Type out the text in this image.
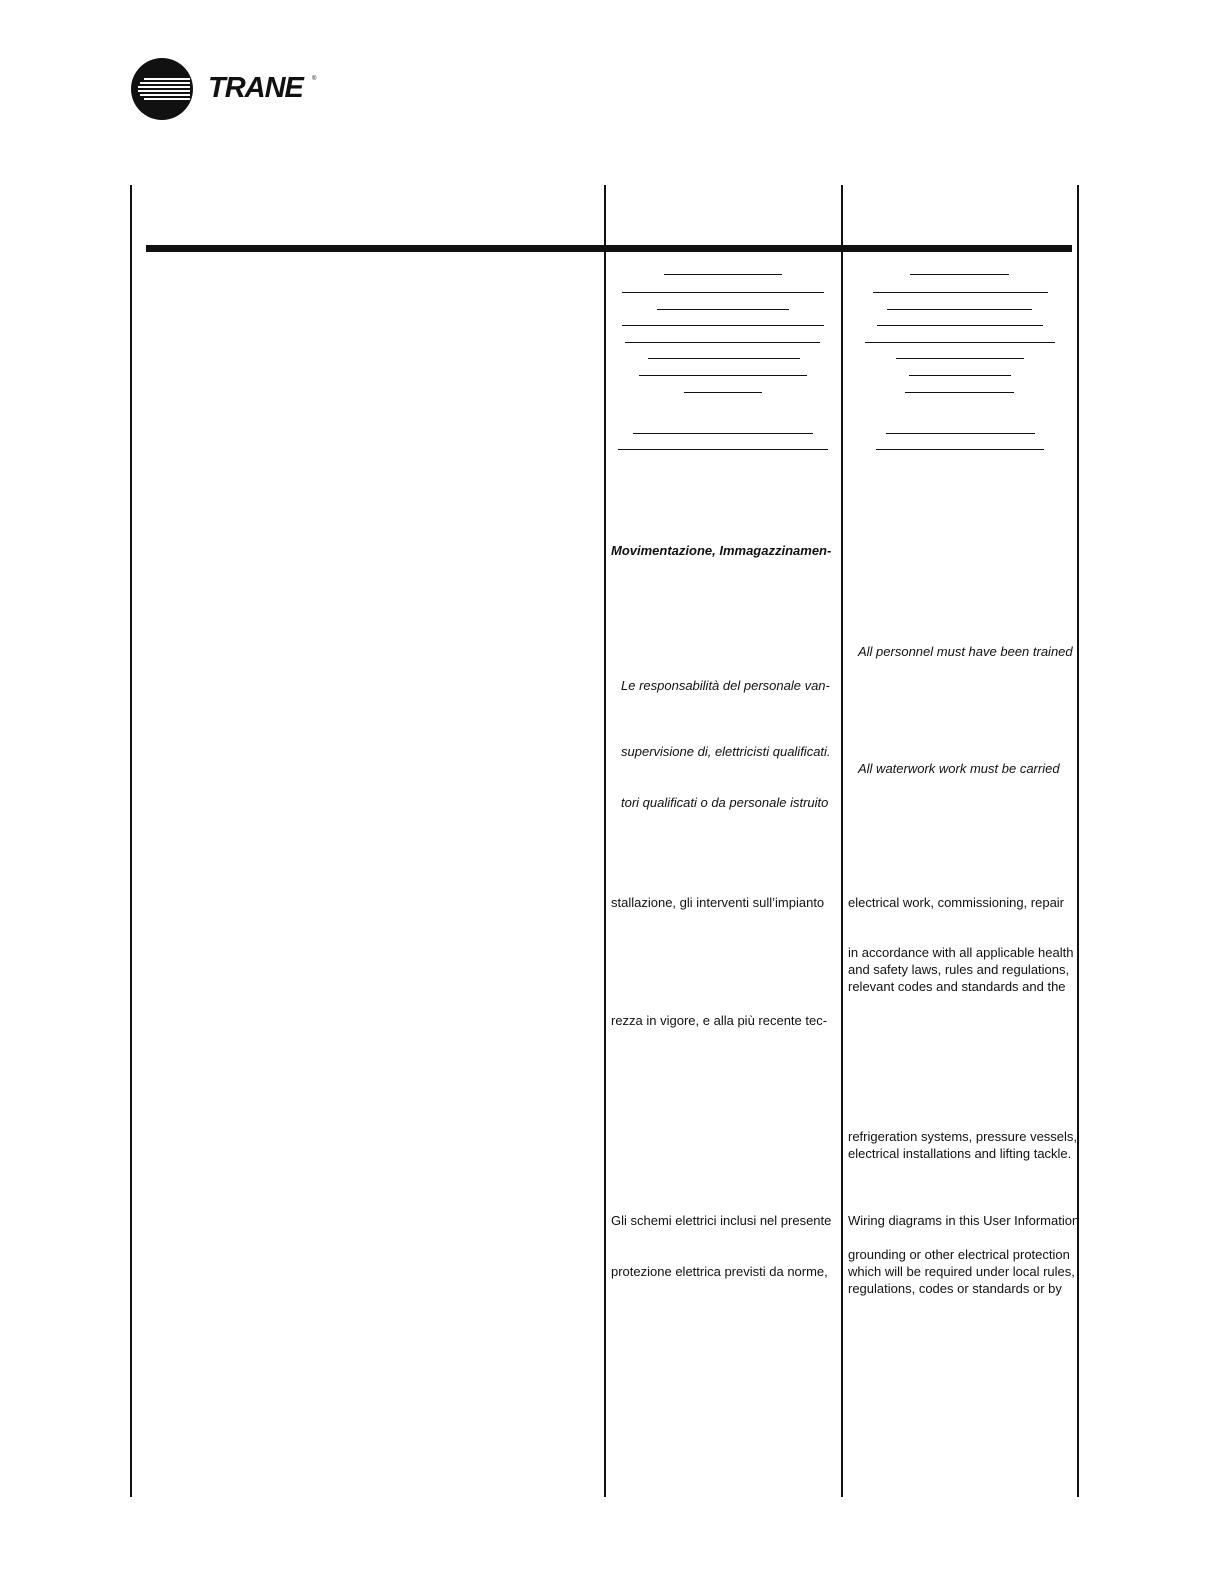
TRANE ®
Movimentazione, Immagazzinamen-
Le responsabilità del personale van-
supervisione di, elettricisti qualificati.
tori qualificati o da personale istruito
stallazione, gli interventi sull’impianto
rezza in vigore, e alla più recente tec-
Gli schemi elettrici inclusi nel presente
protezione elettrica previsti da norme,
All personnel must have been trained
All waterwork work must be carried
electrical work, commissioning, repair
in accordance with all applicable health
and safety laws, rules and regulations,
relevant codes and standards and the
refrigeration systems, pressure vessels,
electrical installations and lifting tackle.
Wiring diagrams in this User Information
grounding or other electrical protection
which will be required under local rules,
regulations, codes or standards or by
